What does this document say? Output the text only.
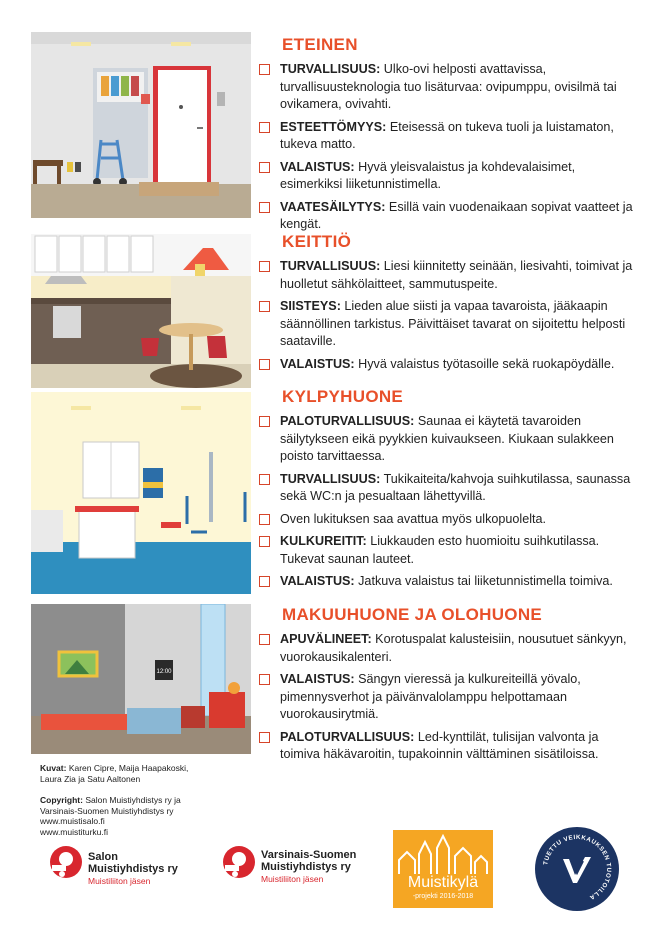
12:00
ETEINEN
TURVALLISUUS: Ulko-ovi helposti avattavissa, turvallisuusteknologia tuo lisäturvaa: ovipumppu, ovisilmä tai ovikamera, ovivahti.
ESTEETTÖMYYS: Eteisessä on tukeva tuoli ja luistamaton, tukeva matto.
VALAISTUS: Hyvä yleisvalaistus ja kohdevalaisimet, esimerkiksi liiketunnistimella.
VAATESÄILYTYS: Esillä vain vuodenaikaan sopivat vaatteet ja kengät.
KEITTIÖ
TURVALLISUUS: Liesi kiinnitetty seinään, liesivahti, toimivat ja huolletut sähkölaitteet, sammutuspeite.
SIISTEYS: Lieden alue siisti ja vapaa tavaroista, jääkaapin säännöllinen tarkistus. Päivittäiset tavarat on sijoitettu helposti saataville.
VALAISTUS: Hyvä valaistus työtasoille sekä ruokapöydälle.
KYLPYHUONE
PALOTURVALLISUUS: Saunaa ei käytetä tavaroiden säilytykseen eikä pyykkien kuivaukseen. Kiukaan sulakkeen poisto tarvittaessa.
TURVALLISUUS: Tukikaiteita/kahvoja suihkutilassa, saunassa sekä WC:n ja pesualtaan lähettyvillä.
Oven lukituksen saa avattua myös ulkopuolelta.
KULKUREITIT: Liukkauden esto huomioitu suihkutilassa. Tukevat saunan lauteet.
VALAISTUS: Jatkuva valaistus tai liiketunnistimella toimiva.
MAKUUHUONE JA OLOHUONE
APUVÄLINEET: Korotuspalat kalusteisiin, nousutuet sänkyyn, vuorokausikalenteri.
VALAISTUS: Sängyn vieressä ja kulkureiteillä yövalo, pimennysverhot ja päivänvalolamppu helpottamaan vuorokausirytmiä.
PALOTURVALLISUUS: Led-kynttilät, tulisijan valvonta ja toimiva häkävaroitin, tupakoinnin välttäminen sisätiloissa.
Kuvat: Karen Cipre, Maija Haapakoski, Laura Zia ja Satu Aaltonen
Copyright: Salon Muistiyhdistys ry ja Varsinais-Suomen Muistiyhdistys ry
www.muistisalo.fi
www.muistiturku.fi
Salon Muistiyhdistys ry
Muistiliiton jäsen
Varsinais-Suomen
Muistiyhdistys ry
Muistiliiton jäsen	Muistikylä
-projekti 2016-2018
TUETTU VEIKKAUKSEN TUOTOILLA
